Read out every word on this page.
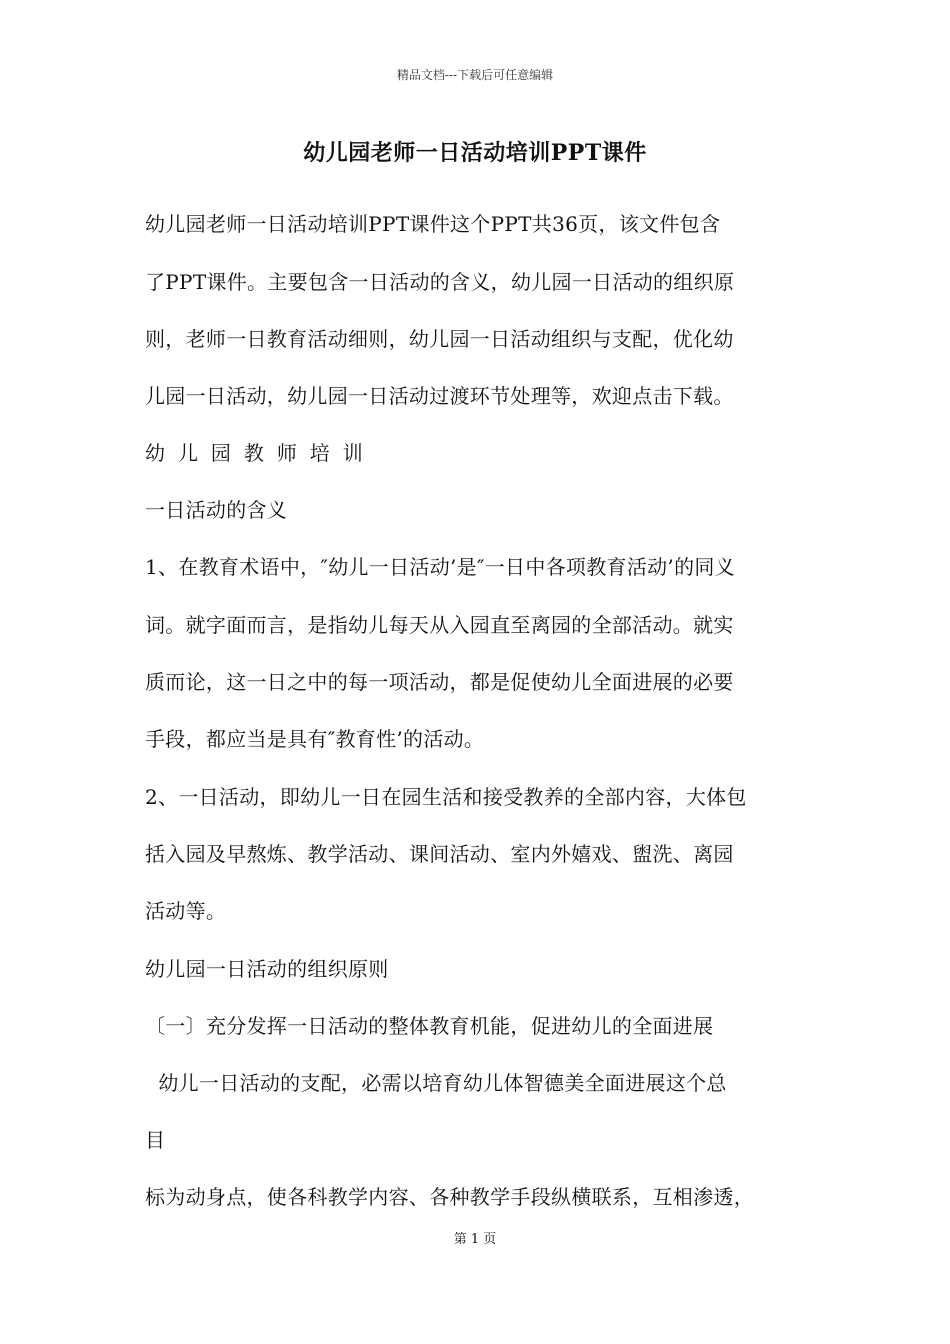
精品文档---下载后可任意编辑
幼儿园老师一日活动培训PPT课件
幼儿园老师一日活动培训PPT课件这个PPT共36页，该文件包含
了PPT课件。主要包含一日活动的含义，幼儿园一日活动的组织原
则，老师一日教育活动细则，幼儿园一日活动组织与支配，优化幼
儿园一日活动，幼儿园一日活动过渡环节处理等，欢迎点击下载。
幼 儿 园 教 师 培 训
一日活动的含义
1、在教育术语中，″幼儿一日活动’是″一日中各项教育活动’的同义
词。就字面而言，是指幼儿每天从入园直至离园的全部活动。就实
质而论，这一日之中的每一项活动，都是促使幼儿全面进展的必要
手段，都应当是具有″教育性’的活动。
2、一日活动，即幼儿一日在园生活和接受教养的全部内容，大体包
括入园及早熬炼、教学活动、课间活动、室内外嬉戏、盥洗、离园
活动等。
幼儿园一日活动的组织原则
〔一〕充分发挥一日活动的整体教育机能，促进幼儿的全面进展
幼儿一日活动的支配，必需以培育幼儿体智德美全面进展这个总
目
标为动身点，使各科教学内容、各种教学手段纵横联系，互相渗透，
第 1 页
